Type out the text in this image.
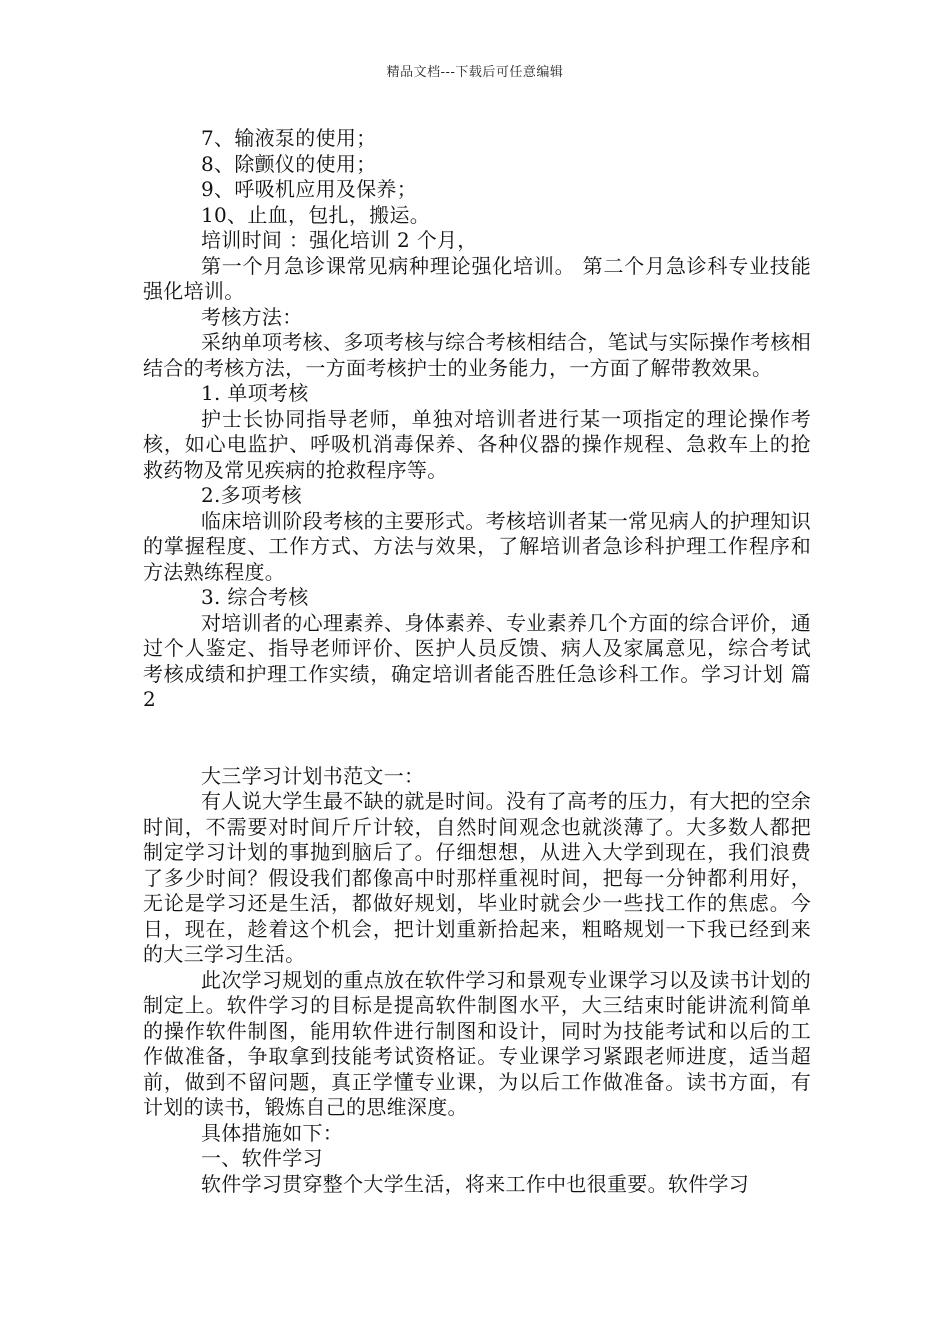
精品文档---下载后可任意编辑

7、输液泵的使用；

8、除颤仪的使用；

9、呼吸机应用及保养；

10、止血，包扎，搬运。

培训时间 ：强化培训 2 个月，

第一个月急诊课常见病种理论强化培训。 第二个月急诊科专业技能强化培训。

考核方法：

采纳单项考核、多项考核与综合考核相结合，笔试与实际操作考核相结合的考核方法，一方面考核护士的业务能力，一方面了解带教效果。

1. 单项考核

护士长协同指导老师，单独对培训者进行某一项指定的理论操作考核，如心电监护、呼吸机消毒保养、各种仪器的操作规程、急救车上的抢救药物及常见疾病的抢救程序等。

2.多项考核

临床培训阶段考核的主要形式。考核培训者某一常见病人的护理知识的掌握程度、工作方式、方法与效果，了解培训者急诊科护理工作程序和方法熟练程度。

3. 综合考核

对培训者的心理素养、身体素养、专业素养几个方面的综合评价，通过个人鉴定、指导老师评价、医护人员反馈、病人及家属意见，综合考试考核成绩和护理工作实绩，确定培训者能否胜任急诊科工作。学习计划 篇 2

大三学习计划书范文一：

有人说大学生最不缺的就是时间。没有了高考的压力，有大把的空余时间，不需要对时间斤斤计较，自然时间观念也就淡薄了。大多数人都把制定学习计划的事抛到脑后了。仔细想想，从进入大学到现在，我们浪费了多少时间？假设我们都像高中时那样重视时间，把每一分钟都利用好，无论是学习还是生活，都做好规划，毕业时就会少一些找工作的焦虑。今日，现在，趁着这个机会，把计划重新拾起来，粗略规划一下我已经到来的大三学习生活。

此次学习规划的重点放在软件学习和景观专业课学习以及读书计划的制定上。软件学习的目标是提高软件制图水平，大三结束时能讲流利简单的操作软件制图，能用软件进行制图和设计，同时为技能考试和以后的工作做准备，争取拿到技能考试资格证。专业课学习紧跟老师进度，适当超前，做到不留问题，真正学懂专业课，为以后工作做准备。读书方面，有计划的读书，锻炼自己的思维深度。

具体措施如下：

一、软件学习

软件学习贯穿整个大学生活，将来工作中也很重要。软件学习
